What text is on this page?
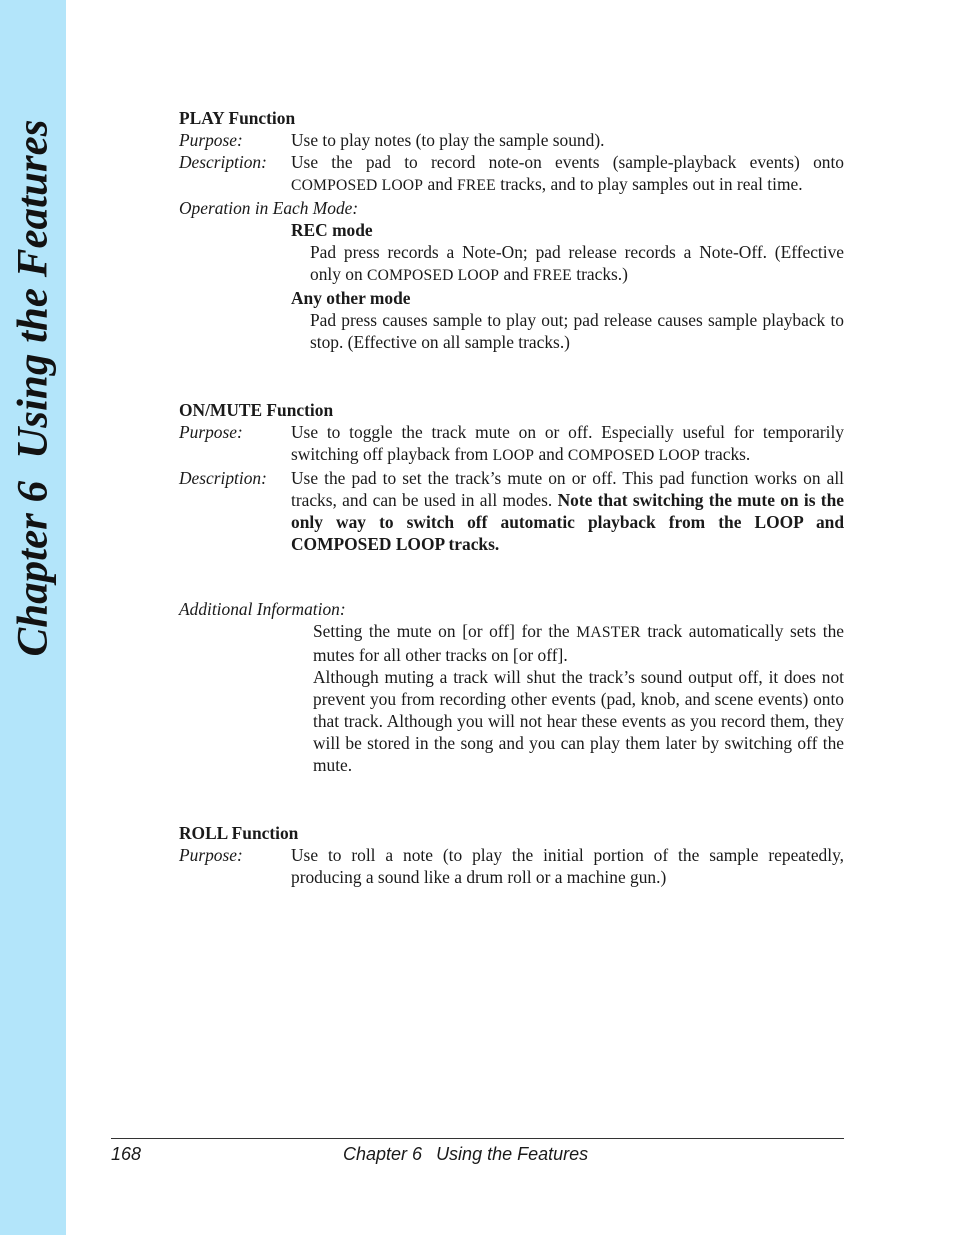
Chapter 6Using the Features
PLAY Function
Purpose:	Use to play notes (to play the sample sound).
Description:	Use the pad to record note-on events (sample-playback events) onto COMPOSED LOOP and FREE tracks, and to play samples out in real time.
Operation in Each Mode:
REC mode
Pad press records a Note-On; pad release records a Note-Off. (Effective only on COMPOSED LOOP and FREE tracks.)
Any other mode
Pad press causes sample to play out; pad release causes sample playback to stop. (Effective on all sample tracks.)
ON/MUTE Function
Purpose:	Use to toggle the track mute on or off. Especially useful for temporarily switching off playback from LOOP and COMPOSED LOOP tracks.
Description:	Use the pad to set the track’s mute on or off. This pad function works on all tracks, and can be used in all modes. Note that switching the mute on is the only way to switch off automatic playback from the LOOP and COMPOSED LOOP tracks.
Additional Information:
Setting the mute on [or off] for the MASTER track automatically sets the mutes for all other tracks on [or off].
Although muting a track will shut the track’s sound output off, it does not prevent you from recording other events (pad, knob, and scene events) onto that track. Although you will not hear these events as you record them, they will be stored in the song and you can play them later by switching off the mute.
ROLL Function
Purpose:	Use to roll a note (to play the initial portion of the sample repeatedly, producing a sound like a drum roll or a machine gun.)
168	Chapter 6 Using the Features
